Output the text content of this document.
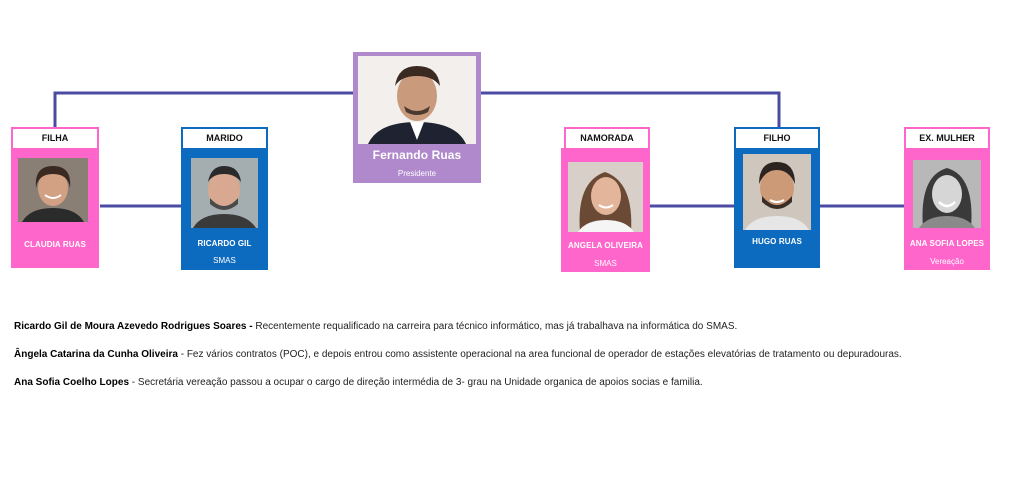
Fernando Ruas
Presidente
CLAUDIA RUAS
FILHA
RICARDO GIL
SMAS
MARIDO
ANGELA OLIVEIRA
SMAS
NAMORADA
HUGO RUAS
FILHO
ANA SOFIA LOPES
Vereação
EX. MULHER

Ricardo Gil de Moura Azevedo Rodrigues Soares - Recentemente requalificado na carreira para técnico informático, mas já trabalhava na informática do SMAS.

Ângela Catarina da Cunha Oliveira - Fez vários contratos (POC), e depois entrou como assistente operacional na area funcional de operador de estações elevatórias de tratamento ou depuradouras.

Ana Sofia Coelho Lopes - Secretária vereação passou a ocupar o cargo de direção intermédia de 3- grau na Unidade organica de apoios socias e familia.
